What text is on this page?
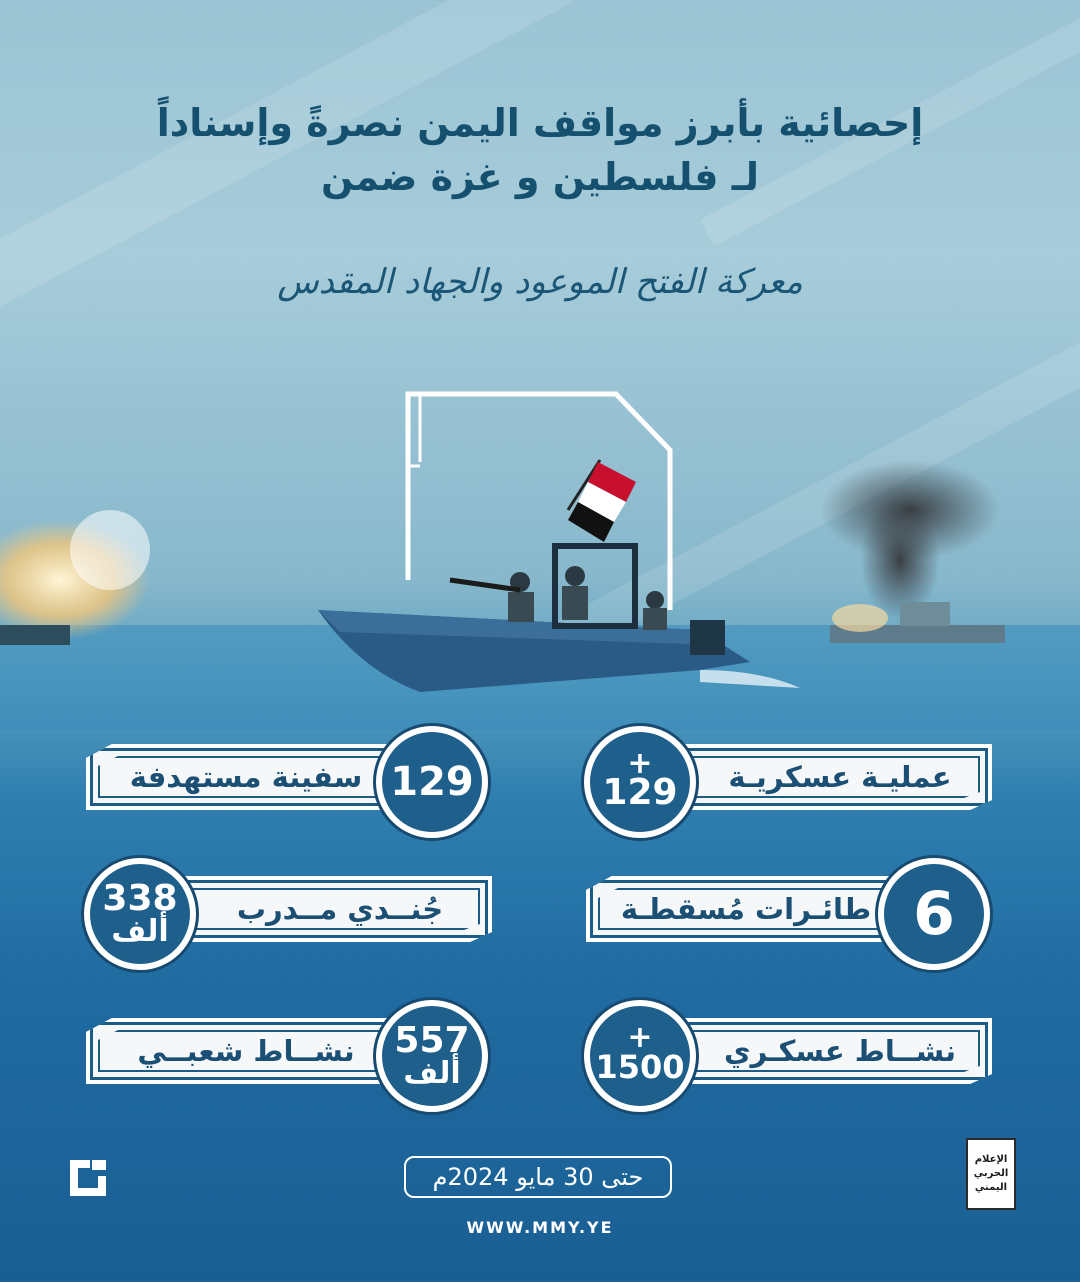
إحصائية بأبرز مواقف اليمن نصرةً وإسناداً
لـ فلسطين و غزة ضمن
معركة الفتح الموعود والجهاد المقدس
عمليـة عسكريـة
+
129
سفينة مستهدفة 129
طائـرات مُسقطـة 6
جُنــدي مــدرب
338
ألف
نشــاط عسكـري
+
1500
نشــاط شعبــي	557
ألف
حتى 30 مايو 2024م
WWW.MMY.YE
الإعلام
الحربي
اليمني
